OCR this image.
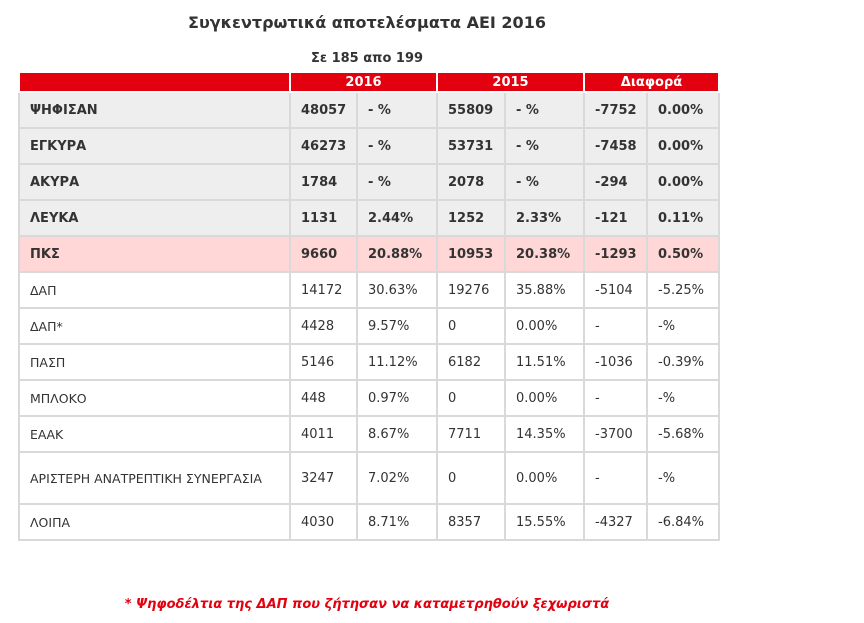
Συγκεντρωτικά αποτελέσματα ΑΕΙ 2016
Σε 185 απο 199
	2016		2015		Διαφορά	
ΨΗΦΙΣΑΝ	48057	- %	55809	- %	-7752	0.00%
ΕΓΚΥΡΑ	46273	- %	53731	- %	-7458	0.00%
ΑΚΥΡΑ	1784	- %	2078	- %	-294	0.00%
ΛΕΥΚΑ	1131	2.44%	1252	2.33%	-121	0.11%
ΠΚΣ	9660	20.88%	10953	20.38%	-1293	0.50%
ΔΑΠ	14172	30.63%	19276	35.88%	-5104	-5.25%
ΔΑΠ*	4428	9.57%	0	0.00%	-	-%
ΠΑΣΠ	5146	11.12%	6182	11.51%	-1036	-0.39%
ΜΠΛΟΚΟ	448	0.97%	0	0.00%	-	-%
ΕΑΑΚ	4011	8.67%	7711	14.35%	-3700	-5.68%
ΑΡΙΣΤΕΡΗ ΑΝΑΤΡΕΠΤΙΚΗ ΣΥΝΕΡΓΑΣΙΑ	3247	7.02%	0	0.00%	-	-%
ΛΟΙΠΑ	4030	8.71%	8357	15.55%	-4327	-6.84%
* Ψηφοδέλτια της ΔΑΠ που ζήτησαν να καταμετρηθούν ξεχωριστά
